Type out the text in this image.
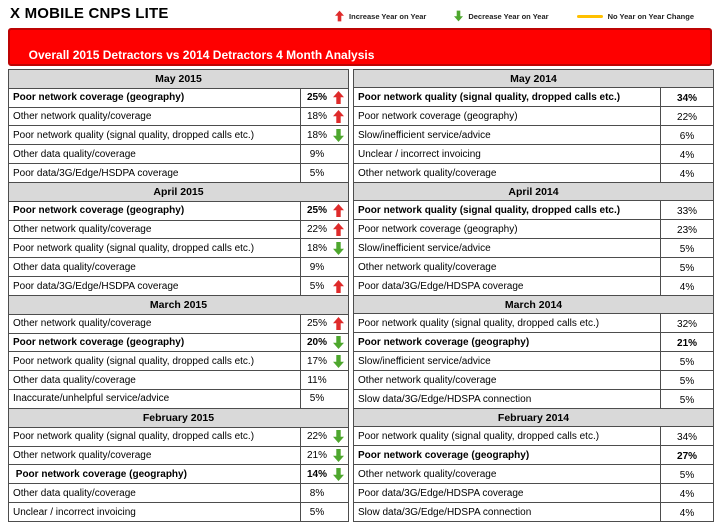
X MOBILE CNPS LITE	Increase Year on Year	Decrease Year on Year	No Year on Year Change

Overall 2015 Detractors vs 2014 Detractors 4 Month Analysis

May 2015	

Poor network coverage (geography)	25%

Other network quality/coverage	18%

Poor network quality (signal quality, dropped calls etc.)	18%

Other data quality/coverage	9%

Poor data/3G/Edge/HSDPA coverage	5%

April 2015	

Poor network coverage (geography)	25%

Other network quality/coverage	22%

Poor network quality (signal quality, dropped calls etc.)	18%

Other data quality/coverage	9%

Poor data/3G/Edge/HSDPA coverage	5%

March 2015	

Other network quality/coverage	25%

Poor network coverage (geography)	20%

Poor network quality (signal quality, dropped calls etc.)	17%

Other data quality/coverage	11%

Inaccurate/unhelpful service/advice	5%

February 2015	

Poor network quality (signal quality, dropped calls etc.)	22%

Other network quality/coverage	21%

Poor network coverage (geography)	14%

Other data quality/coverage	8%

Unclear / incorrect invoicing	5%
May 2014	

Poor network quality (signal quality, dropped calls etc.)	34%

Poor network coverage (geography)	22%

Slow/inefficient service/advice	6%

Unclear / incorrect invoicing	4%

Other network quality/coverage	4%
April 2014	

Poor network quality (signal quality, dropped calls etc.)	33%

Poor network coverage (geography)	23%

Slow/inefficient service/advice	5%

Other network quality/coverage	5%

Poor data/3G/Edge/HDSPA coverage	4%
March 2014	

Poor network quality (signal quality, dropped calls etc.)	32%

Poor network coverage (geography)	21%

Slow/inefficient service/advice	5%

Other network quality/coverage	5%

Slow data/3G/Edge/HDSPA connection	5%
February 2014	

Poor network quality (signal quality, dropped calls etc.)	34%

Poor network coverage (geography)	27%

Other network quality/coverage	5%

Poor data/3G/Edge/HDSPA coverage	4%

Slow data/3G/Edge/HDSPA connection	4%
